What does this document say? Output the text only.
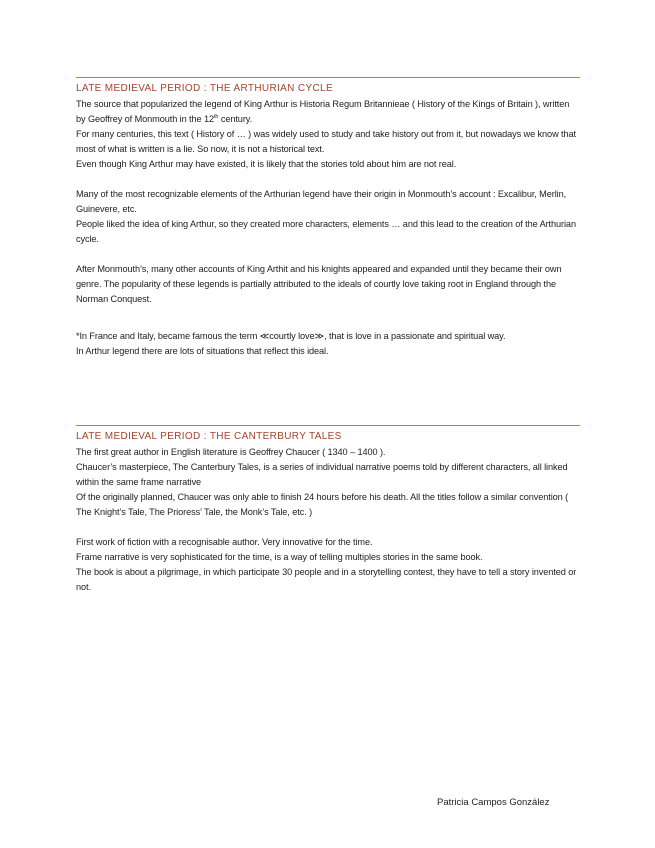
LATE MEDIEVAL PERIOD : THE ARTHURIAN CYCLE

The source that popularized the legend of King Arthur is Historia Regum Britannieae ( History of the Kings of Britain ), written by Geoffrey of Monmouth in the 12th century.

For many centuries, this text ( History of … ) was widely used to study and take history out from it, but nowadays we know that most of what is written is a lie. So now, it is not a historical text.

Even though King Arthur may have existed, it is likely that the stories told about him are not real.

Many of the most recognizable elements of the Arthurian legend have their origin in Monmouth’s account : Excalibur, Merlin, Guinevere, etc.

People liked the idea of king Arthur, so they created more characters, elements … and this lead to the creation of the Arthurian cycle.

After Monmouth’s, many other accounts of King Arthit and his knights appeared and expanded until they became their own genre. The popularity of these legends is partially attributed to the ideals of courtly love taking root in England through the Norman Conquest.

*In France and Italy, became famous the term ≪courtly love≫, that is love in a passionate and spiritual way.

In Arthur legend there are lots of situations that reflect this ideal.

LATE MEDIEVAL PERIOD : THE CANTERBURY TALES

The first great author in English literature is Geoffrey Chaucer ( 1340 – 1400 ).

Chaucer’s masterpiece, The Canterbury Tales, is a series of individual narrative poems told by different characters, all linked within the same frame narrative

Of the originally planned, Chaucer was only able to finish 24 hours before his death. All the titles follow a similar convention ( The Knight’s Tale, The Prioress’ Tale, the Monk’s Tale, etc. )

First work of fiction with a recognisable author. Very innovative for the time.

Frame narrative is very sophisticated for the time, is a way of telling multiples stories in the same book.

The book is about a pilgrimage, in which participate 30 people and in a storytelling contest, they have to tell a story invented or not.

Patricia Campos González
